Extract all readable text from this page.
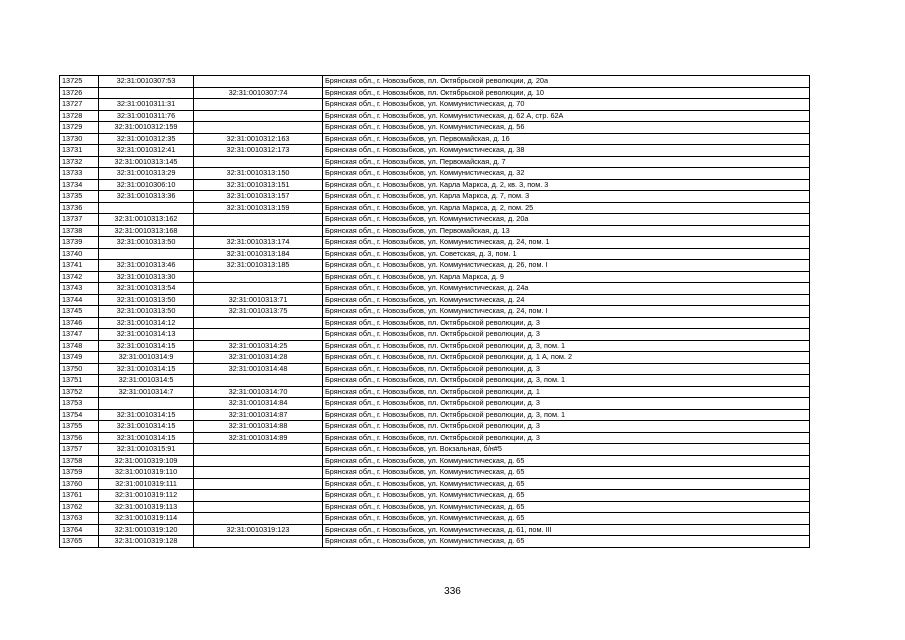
13725	32:31:0010307:53		Брянская обл., г. Новозыбков, пл. Октябрьской революции, д. 20а
13726		32:31:0010307:74	Брянская обл., г. Новозыбков, пл. Октябрьской революции, д. 10
13727	32:31:0010311:31		Брянская обл., г. Новозыбков, ул. Коммунистическая, д. 70
13728	32:31:0010311:76		Брянская обл., г. Новозыбков, ул. Коммунистическая, д. 62 А, стр. 62А
13729	32:31:0010312:159		Брянская обл., г. Новозыбков, ул. Коммунистическая, д. 56
13730	32:31:0010312:35	32:31:0010312:163	Брянская обл., г. Новозыбков, ул. Первомайская, д. 16
13731	32:31:0010312:41	32:31:0010312:173	Брянская обл., г. Новозыбков, ул. Коммунистическая, д. 38
13732	32:31:0010313:145		Брянская обл., г. Новозыбков, ул. Первомайская, д. 7
13733	32:31:0010313:29	32:31:0010313:150	Брянская обл., г. Новозыбков, ул. Коммунистическая, д. 32
13734	32:31:0010306:10	32:31:0010313:151	Брянская обл., г. Новозыбков, ул. Карла Маркса, д. 2, кв. 3, пом. 3
13735	32:31:0010313:36	32:31:0010313:157	Брянская обл., г. Новозыбков, ул. Карла Маркса, д. 7, пом. 3
13736		32:31:0010313:159	Брянская обл., г. Новозыбков, ул. Карла Маркса, д. 2, пом. 25
13737	32:31:0010313:162		Брянская обл., г. Новозыбков, ул. Коммунистическая, д. 20а
13738	32:31:0010313:168		Брянская обл., г. Новозыбков, ул. Первомайская, д. 13
13739	32:31:0010313:50	32:31:0010313:174	Брянская обл., г. Новозыбков, ул. Коммунистическая, д. 24, пом. 1
13740		32:31:0010313:184	Брянская обл., г. Новозыбков, ул. Советская, д. 3, пом. 1
13741	32:31:0010313:46	32:31:0010313:185	Брянская обл., г. Новозыбков, ул. Коммунистическая, д. 26, пом. I
13742	32:31:0010313:30		Брянская обл., г. Новозыбков, ул. Карла Маркса, д. 9
13743	32:31:0010313:54		Брянская обл., г. Новозыбков, ул. Коммунистическая, д. 24а
13744	32:31:0010313:50	32:31:0010313:71	Брянская обл., г. Новозыбков, ул. Коммунистическая, д. 24
13745	32:31:0010313:50	32:31:0010313:75	Брянская обл., г. Новозыбков, ул. Коммунистическая, д. 24, пом. I
13746	32:31:0010314:12		Брянская обл., г. Новозыбков, пл. Октябрьской революции, д. 3
13747	32:31:0010314:13		Брянская обл., г. Новозыбков, пл. Октябрьской революции, д. 3
13748	32:31:0010314:15	32:31:0010314:25	Брянская обл., г. Новозыбков, пл. Октябрьской революции, д. 3, пом. 1
13749	32:31:0010314:9	32:31:0010314:28	Брянская обл., г. Новозыбков, пл. Октябрьской революции, д. 1 А, пом. 2
13750	32:31:0010314:15	32:31:0010314:48	Брянская обл., г. Новозыбков, пл. Октябрьской революции, д. 3
13751	32:31:0010314:5		Брянская обл., г. Новозыбков, пл. Октябрьской революции, д. 3, пом. 1
13752	32:31:0010314:7	32:31:0010314:70	Брянская обл., г. Новозыбков, пл. Октябрьской революции, д. 1
13753		32:31:0010314:84	Брянская обл., г. Новозыбков, пл. Октябрьской революции, д. 3
13754	32:31:0010314:15	32:31:0010314:87	Брянская обл., г. Новозыбков, пл. Октябрьской революции, д. 3, пом. 1
13755	32:31:0010314:15	32:31:0010314:88	Брянская обл., г. Новозыбков, пл. Октябрьской революции, д. 3
13756	32:31:0010314:15	32:31:0010314:89	Брянская обл., г. Новозыбков, пл. Октябрьской революции, д. 3
13757	32:31:0010315:91		Брянская обл., г. Новозыбков, ул. Вокзальная, б/н#5
13758	32:31:0010319:109		Брянская обл., г. Новозыбков, ул. Коммунистическая, д. 65
13759	32:31:0010319:110		Брянская обл., г. Новозыбков, ул. Коммунистическая, д. 65
13760	32:31:0010319:111		Брянская обл., г. Новозыбков, ул. Коммунистическая, д. 65
13761	32:31:0010319:112		Брянская обл., г. Новозыбков, ул. Коммунистическая, д. 65
13762	32:31:0010319:113		Брянская обл., г. Новозыбков, ул. Коммунистическая, д. 65
13763	32:31:0010319:114		Брянская обл., г. Новозыбков, ул. Коммунистическая, д. 65
13764	32:31:0010319:120	32:31:0010319:123	Брянская обл., г. Новозыбков, ул. Коммунистическая, д. 61, пом. III
13765	32:31:0010319:128		Брянская обл., г. Новозыбков, ул. Коммунистическая, д. 65
336
